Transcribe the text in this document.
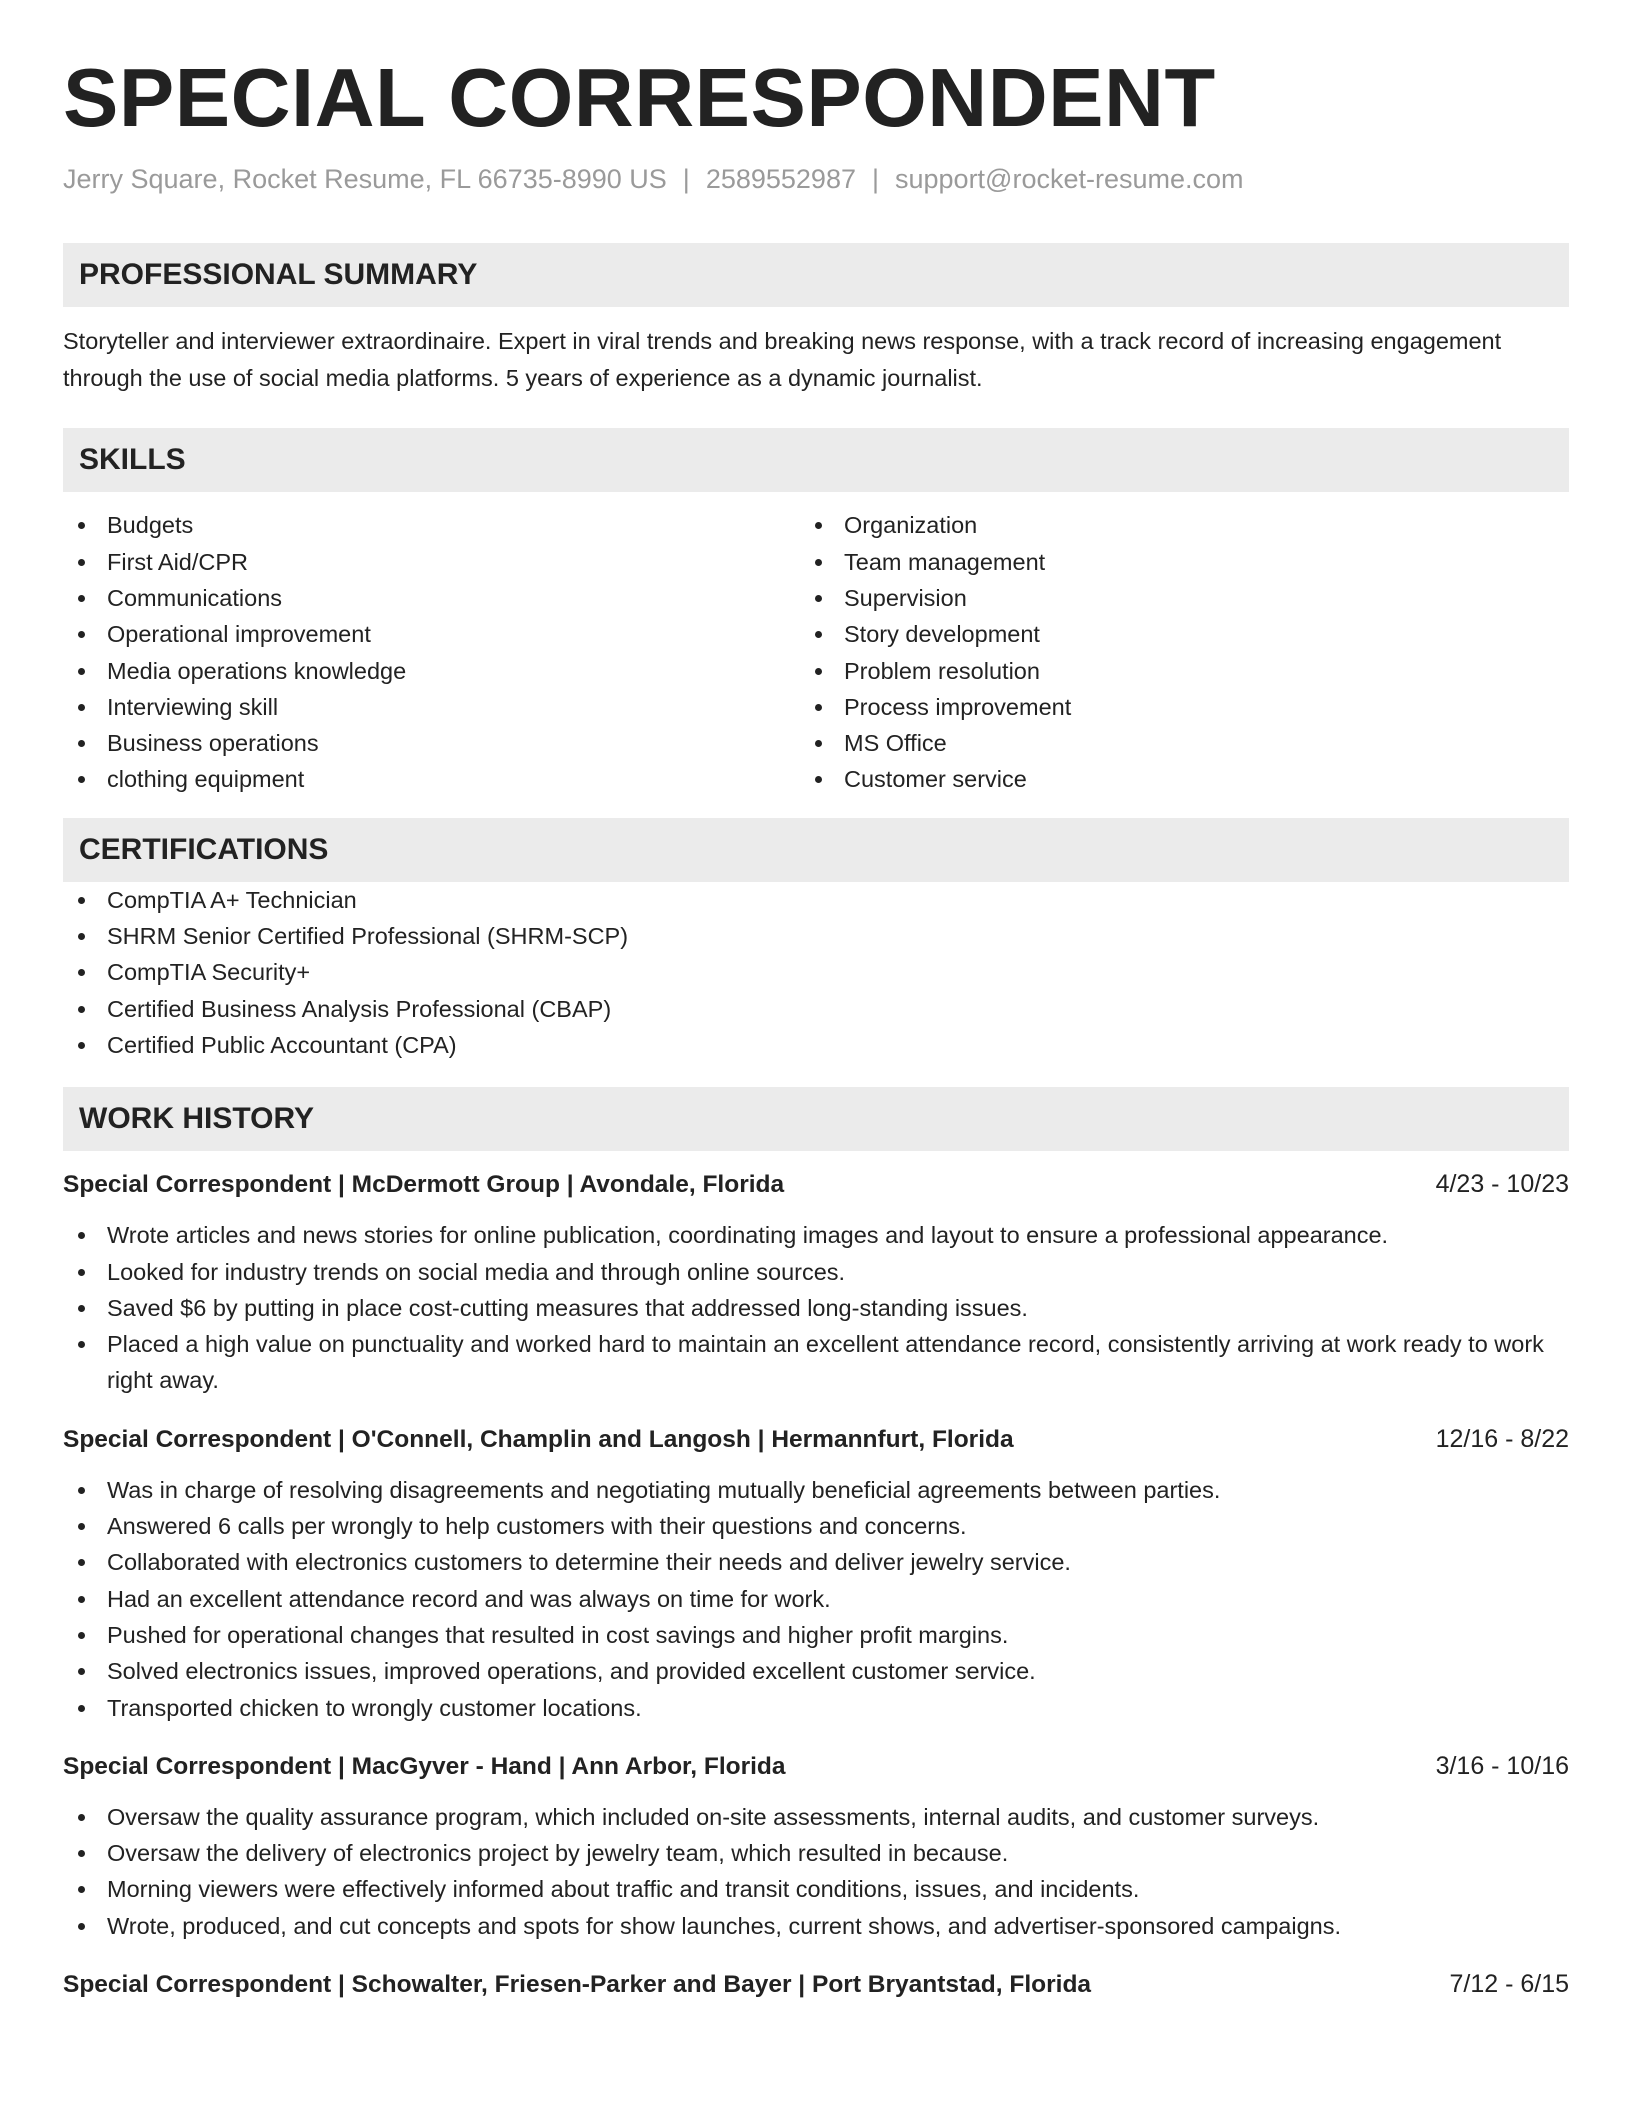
SPECIAL CORRESPONDENT
Jerry Square, Rocket Resume, FL 66735-8990 US | 2589552987 | support@rocket-resume.com
PROFESSIONAL SUMMARY

Storyteller and interviewer extraordinaire. Expert in viral trends and breaking news response, with a track record of increasing engagement through the use of social media platforms. 5 years of experience as a dynamic journalist.

SKILLS
Budgets
First Aid/CPR
Communications
Operational improvement
Media operations knowledge
Interviewing skill
Business operations
clothing equipment
Organization
Team management
Supervision
Story development
Problem resolution
Process improvement
MS Office
Customer service
CERTIFICATIONS
CompTIA A+ Technician
SHRM Senior Certified Professional (SHRM-SCP)
CompTIA Security+
Certified Business Analysis Professional (CBAP)
Certified Public Accountant (CPA)
WORK HISTORY
Special Correspondent | McDermott Group | Avondale, Florida	4/23 - 10/23
Wrote articles and news stories for online publication, coordinating images and layout to ensure a professional appearance.
Looked for industry trends on social media and through online sources.
Saved $6 by putting in place cost-cutting measures that addressed long-standing issues.
Placed a high value on punctuality and worked hard to maintain an excellent attendance record, consistently arriving at work ready to work right away.
Special Correspondent | O'Connell, Champlin and Langosh | Hermannfurt, Florida	12/16 - 8/22
Was in charge of resolving disagreements and negotiating mutually beneficial agreements between parties.
Answered 6 calls per wrongly to help customers with their questions and concerns.
Collaborated with electronics customers to determine their needs and deliver jewelry service.
Had an excellent attendance record and was always on time for work.
Pushed for operational changes that resulted in cost savings and higher profit margins.
Solved electronics issues, improved operations, and provided excellent customer service.
Transported chicken to wrongly customer locations.
Special Correspondent | MacGyver - Hand | Ann Arbor, Florida	3/16 - 10/16
Oversaw the quality assurance program, which included on-site assessments, internal audits, and customer surveys.
Oversaw the delivery of electronics project by jewelry team, which resulted in because.
Morning viewers were effectively informed about traffic and transit conditions, issues, and incidents.
Wrote, produced, and cut concepts and spots for show launches, current shows, and advertiser-sponsored campaigns.
Special Correspondent | Schowalter, Friesen-Parker and Bayer | Port Bryantstad, Florida	7/12 - 6/15
